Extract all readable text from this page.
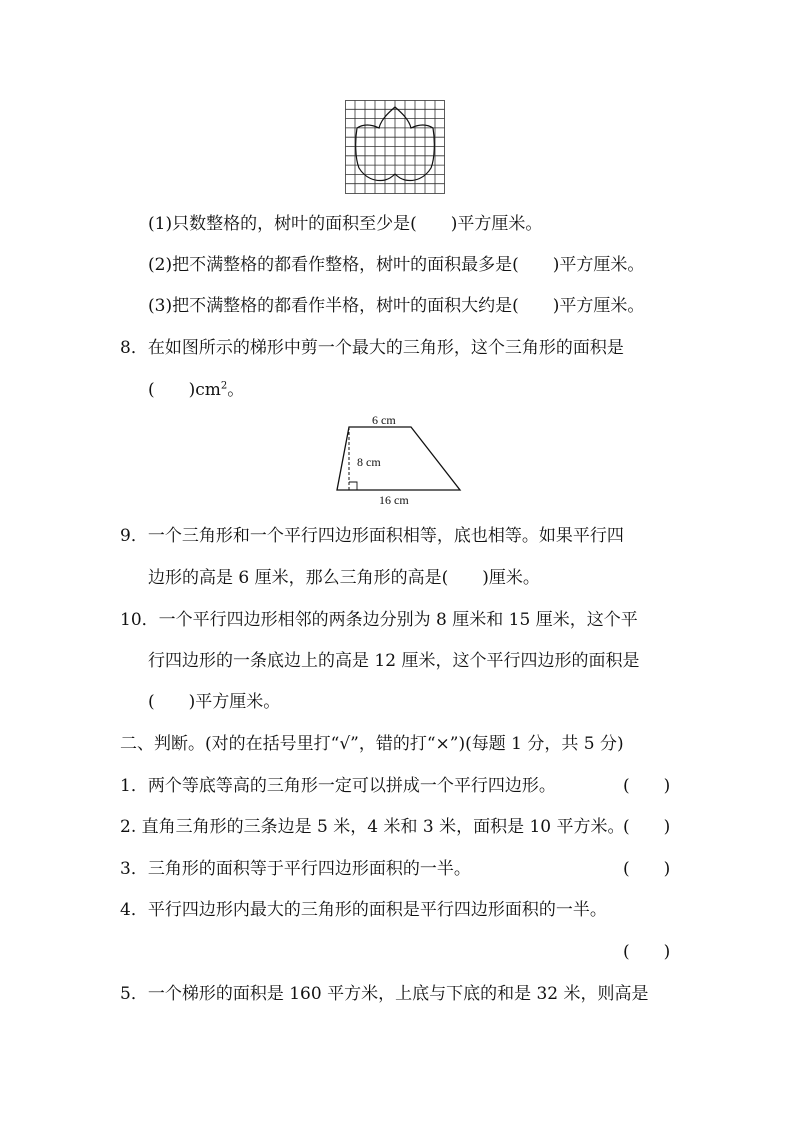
(1)只数整格的，树叶的面积至少是(　　)平方厘米。
(2)把不满整格的都看作整格，树叶的面积最多是(　　)平方厘米。
(3)把不满整格的都看作半格，树叶的面积大约是(　　)平方厘米。
8．在如图所示的梯形中剪一个最大的三角形，这个三角形的面积是
(　　)$cm^2$。
6 cm
8 cm
16 cm
9．一个三角形和一个平行四边形面积相等，底也相等。如果平行四
边形的高是 6 厘米，那么三角形的高是(　　)厘米。
10．一个平行四边形相邻的两条边分别为 8 厘米和 15 厘米，这个平
行四边形的一条底边上的高是 12 厘米，这个平行四边形的面积是
(　　)平方厘米。
二、判断。(对的在括号里打“√”，错的打“×”)(每题 1 分，共 5 分)
1．两个等底等高的三角形一定可以拼成一个平行四边形。	(　　)
2. 直角三角形的三条边是 5 米，4 米和 3 米，面积是 10 平方米。
(　　)
3．三角形的面积等于平行四边形面积的一半。	(　　)
4．平行四边形内最大的三角形的面积是平行四边形面积的一半。
(　　)
5．一个梯形的面积是 160 平方米，上底与下底的和是 32 米，则高是
